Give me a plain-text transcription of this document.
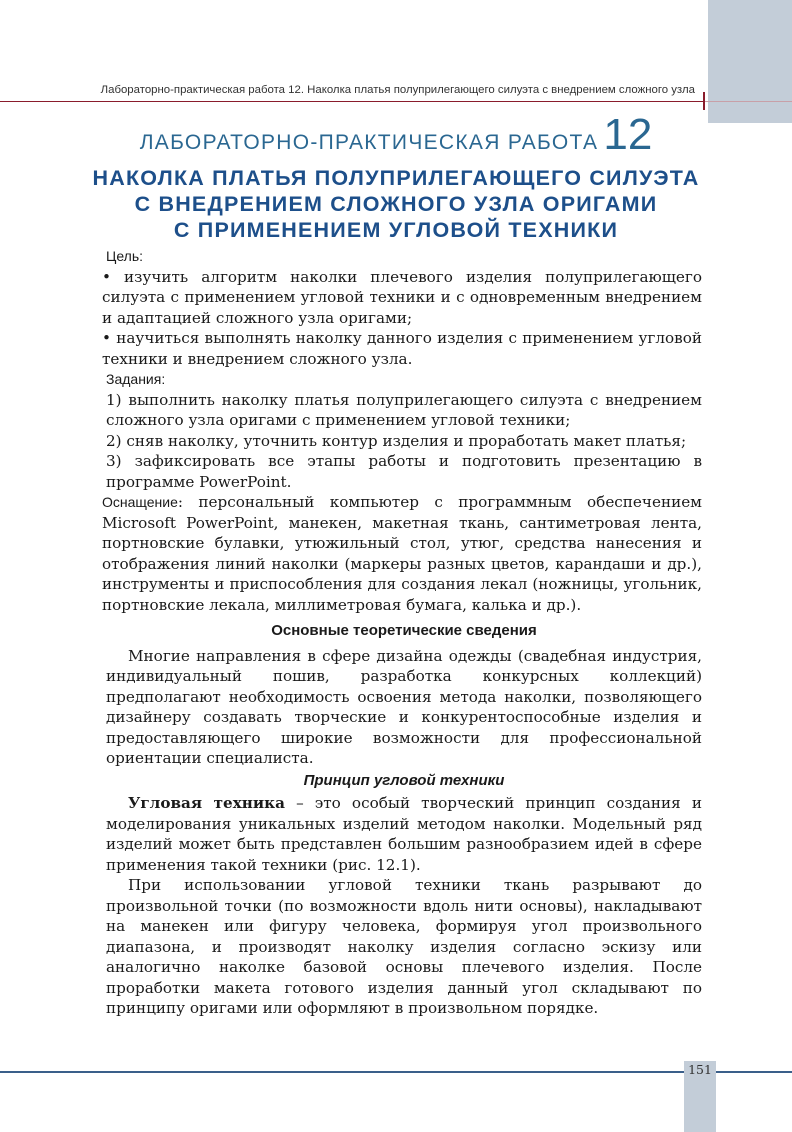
Лабораторно-практическая работа 12. Наколка платья полуприлегающего силуэта с внедрением сложного узла
ЛАБОРАТОРНО-ПРАКТИЧЕСКАЯ РАБОТА 12
НАКОЛКА ПЛАТЬЯ ПОЛУПРИЛЕГАЮЩЕГО СИЛУЭТА
С ВНЕДРЕНИЕМ СЛОЖНОГО УЗЛА ОРИГАМИ
С ПРИМЕНЕНИЕМ УГЛОВОЙ ТЕХНИКИ

Цель:

• изучить алгоритм наколки плечевого изделия полуприлегающего силуэта с применением угловой техники и с одновременным внедрением и адаптацией сложного узла оригами;

• научиться выполнять наколку данного изделия с применением угловой техники и внедрением сложного узла.

Задания:

1) выполнить наколку платья полуприлегающего силуэта с внедрением сложного узла оригами с применением угловой техники;

2) сняв наколку, уточнить контур изделия и проработать макет платья;

3) зафиксировать все этапы работы и подготовить презентацию в программе PowerPoint.

Оснащение: персональный компьютер с программным обеспечением Microsoft PowerPoint, манекен, макетная ткань, сантиметровая лента, портновские булавки, утюжильный стол, утюг, средства нанесения и отображения линий наколки (маркеры разных цветов, карандаши и др.), инструменты и приспособления для создания лекал (ножницы, угольник, портновские лекала, миллиметровая бумага, калька и др.).

Основные теоретические сведения

Многие направления в сфере дизайна одежды (свадебная индустрия, индивидуальный пошив, разработка конкурсных коллекций) предполагают необходимость освоения метода наколки, позволяющего дизайнеру создавать творческие и конкурентоспособные изделия и предоставляющего широкие возможности для профессиональной ориентации специалиста.

Принцип угловой техники

Угловая техника – это особый творческий принцип создания и моделирования уникальных изделий методом наколки. Модельный ряд изделий может быть представлен большим разнообразием идей в сфере применения такой техники (рис. 12.1).

При использовании угловой техники ткань разрывают до произвольной точки (по возможности вдоль нити основы), накладывают на манекен или фигуру человека, формируя угол произвольного диапазона, и производят наколку изделия согласно эскизу или аналогично наколке базовой основы плечевого изделия. После проработки макета готового изделия данный угол складывают по принципу оригами или оформляют в произвольном порядке.

151
